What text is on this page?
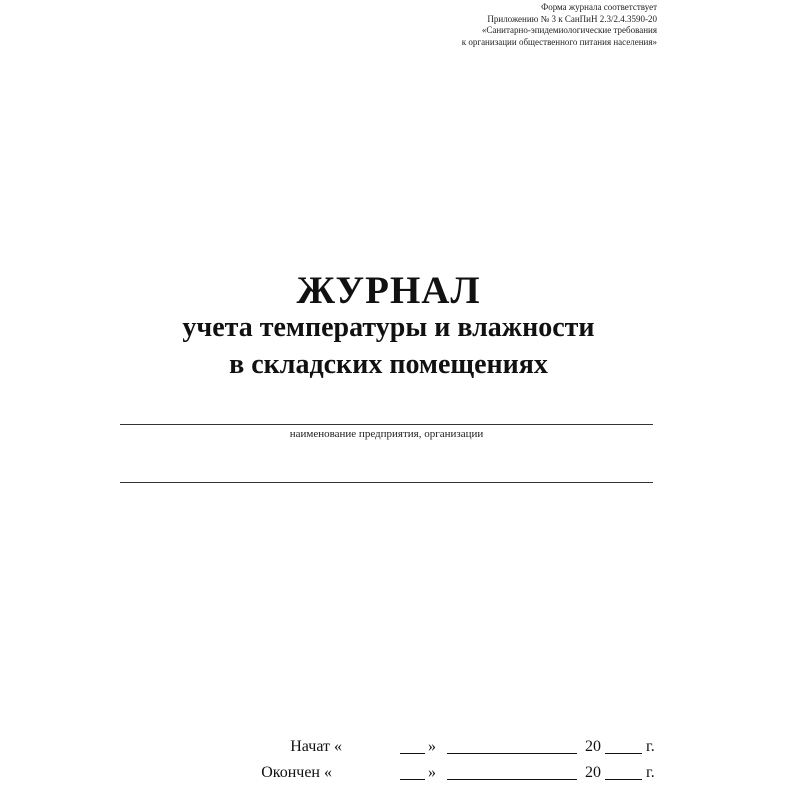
Форма журнала соответствует
Приложению № 3 к СанПиН 2.3/2.4.3590-20
«Санитарно-эпидемиологические требования
к организации общественного питания населения»
ЖУРНАЛ
учета температуры и влажности
в складских помещениях
наименование предприятия, организации
Начат «	»	20	г.
Окончен «	»	20	г.
